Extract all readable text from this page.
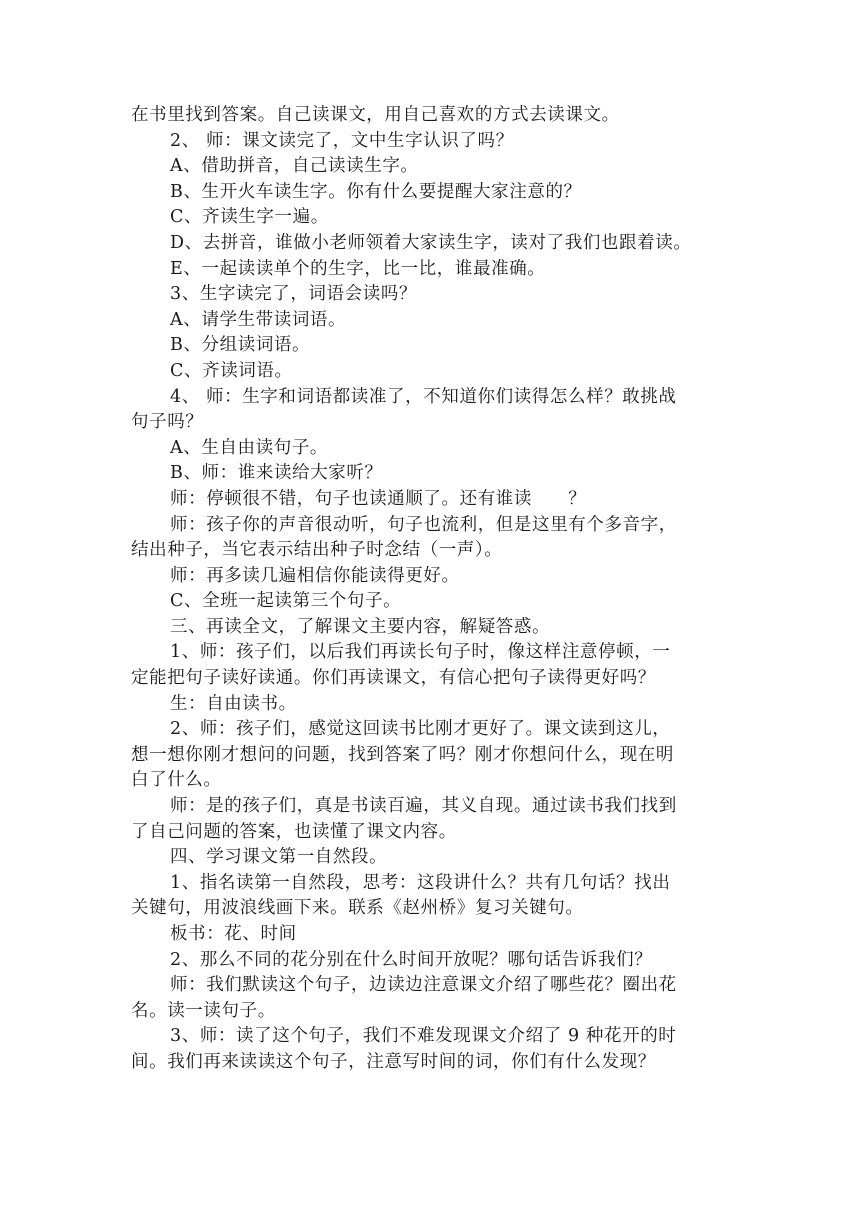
在书里找到答案。自己读课文，用自己喜欢的方式去读课文。
2、 师：课文读完了，文中生字认识了吗？
A、借助拼音，自己读读生字。
B、生开火车读生字。你有什么要提醒大家注意的？
C、齐读生字一遍。
D、去拼音，谁做小老师领着大家读生字，读对了我们也跟着读。
E、一起读读单个的生字，比一比，谁最准确。
3、生字读完了，词语会读吗？
A、请学生带读词语。
B、分组读词语。
C、齐读词语。
4、 师：生字和词语都读准了，不知道你们读得怎么样？敢挑战
句子吗？
A、生自由读句子。
B、师：谁来读给大家听？
师：停顿很不错，句子也读通顺了。还有谁读　　？
师：孩子你的声音很动听，句子也流利，但是这里有个多音字，
结出种子，当它表示结出种子时念结（一声）。
师：再多读几遍相信你能读得更好。
C、全班一起读第三个句子。
三、再读全文，了解课文主要内容，解疑答惑。
1、师：孩子们，以后我们再读长句子时，像这样注意停顿，一
定能把句子读好读通。你们再读课文，有信心把句子读得更好吗？
生：自由读书。
2、师：孩子们，感觉这回读书比刚才更好了。课文读到这儿，
想一想你刚才想问的问题，找到答案了吗？刚才你想问什么，现在明
白了什么。
师：是的孩子们，真是书读百遍，其义自现。通过读书我们找到
了自己问题的答案，也读懂了课文内容。
四、学习课文第一自然段。
1、指名读第一自然段，思考：这段讲什么？共有几句话？找出
关键句，用波浪线画下来。联系《赵州桥》复习关键句。
板书：花、时间
2、那么不同的花分别在什么时间开放呢？哪句话告诉我们？
师：我们默读这个句子，边读边注意课文介绍了哪些花？圈出花
名。读一读句子。
3、师：读了这个句子，我们不难发现课文介绍了 9 种花开的时
间。我们再来读读这个句子，注意写时间的词，你们有什么发现？
